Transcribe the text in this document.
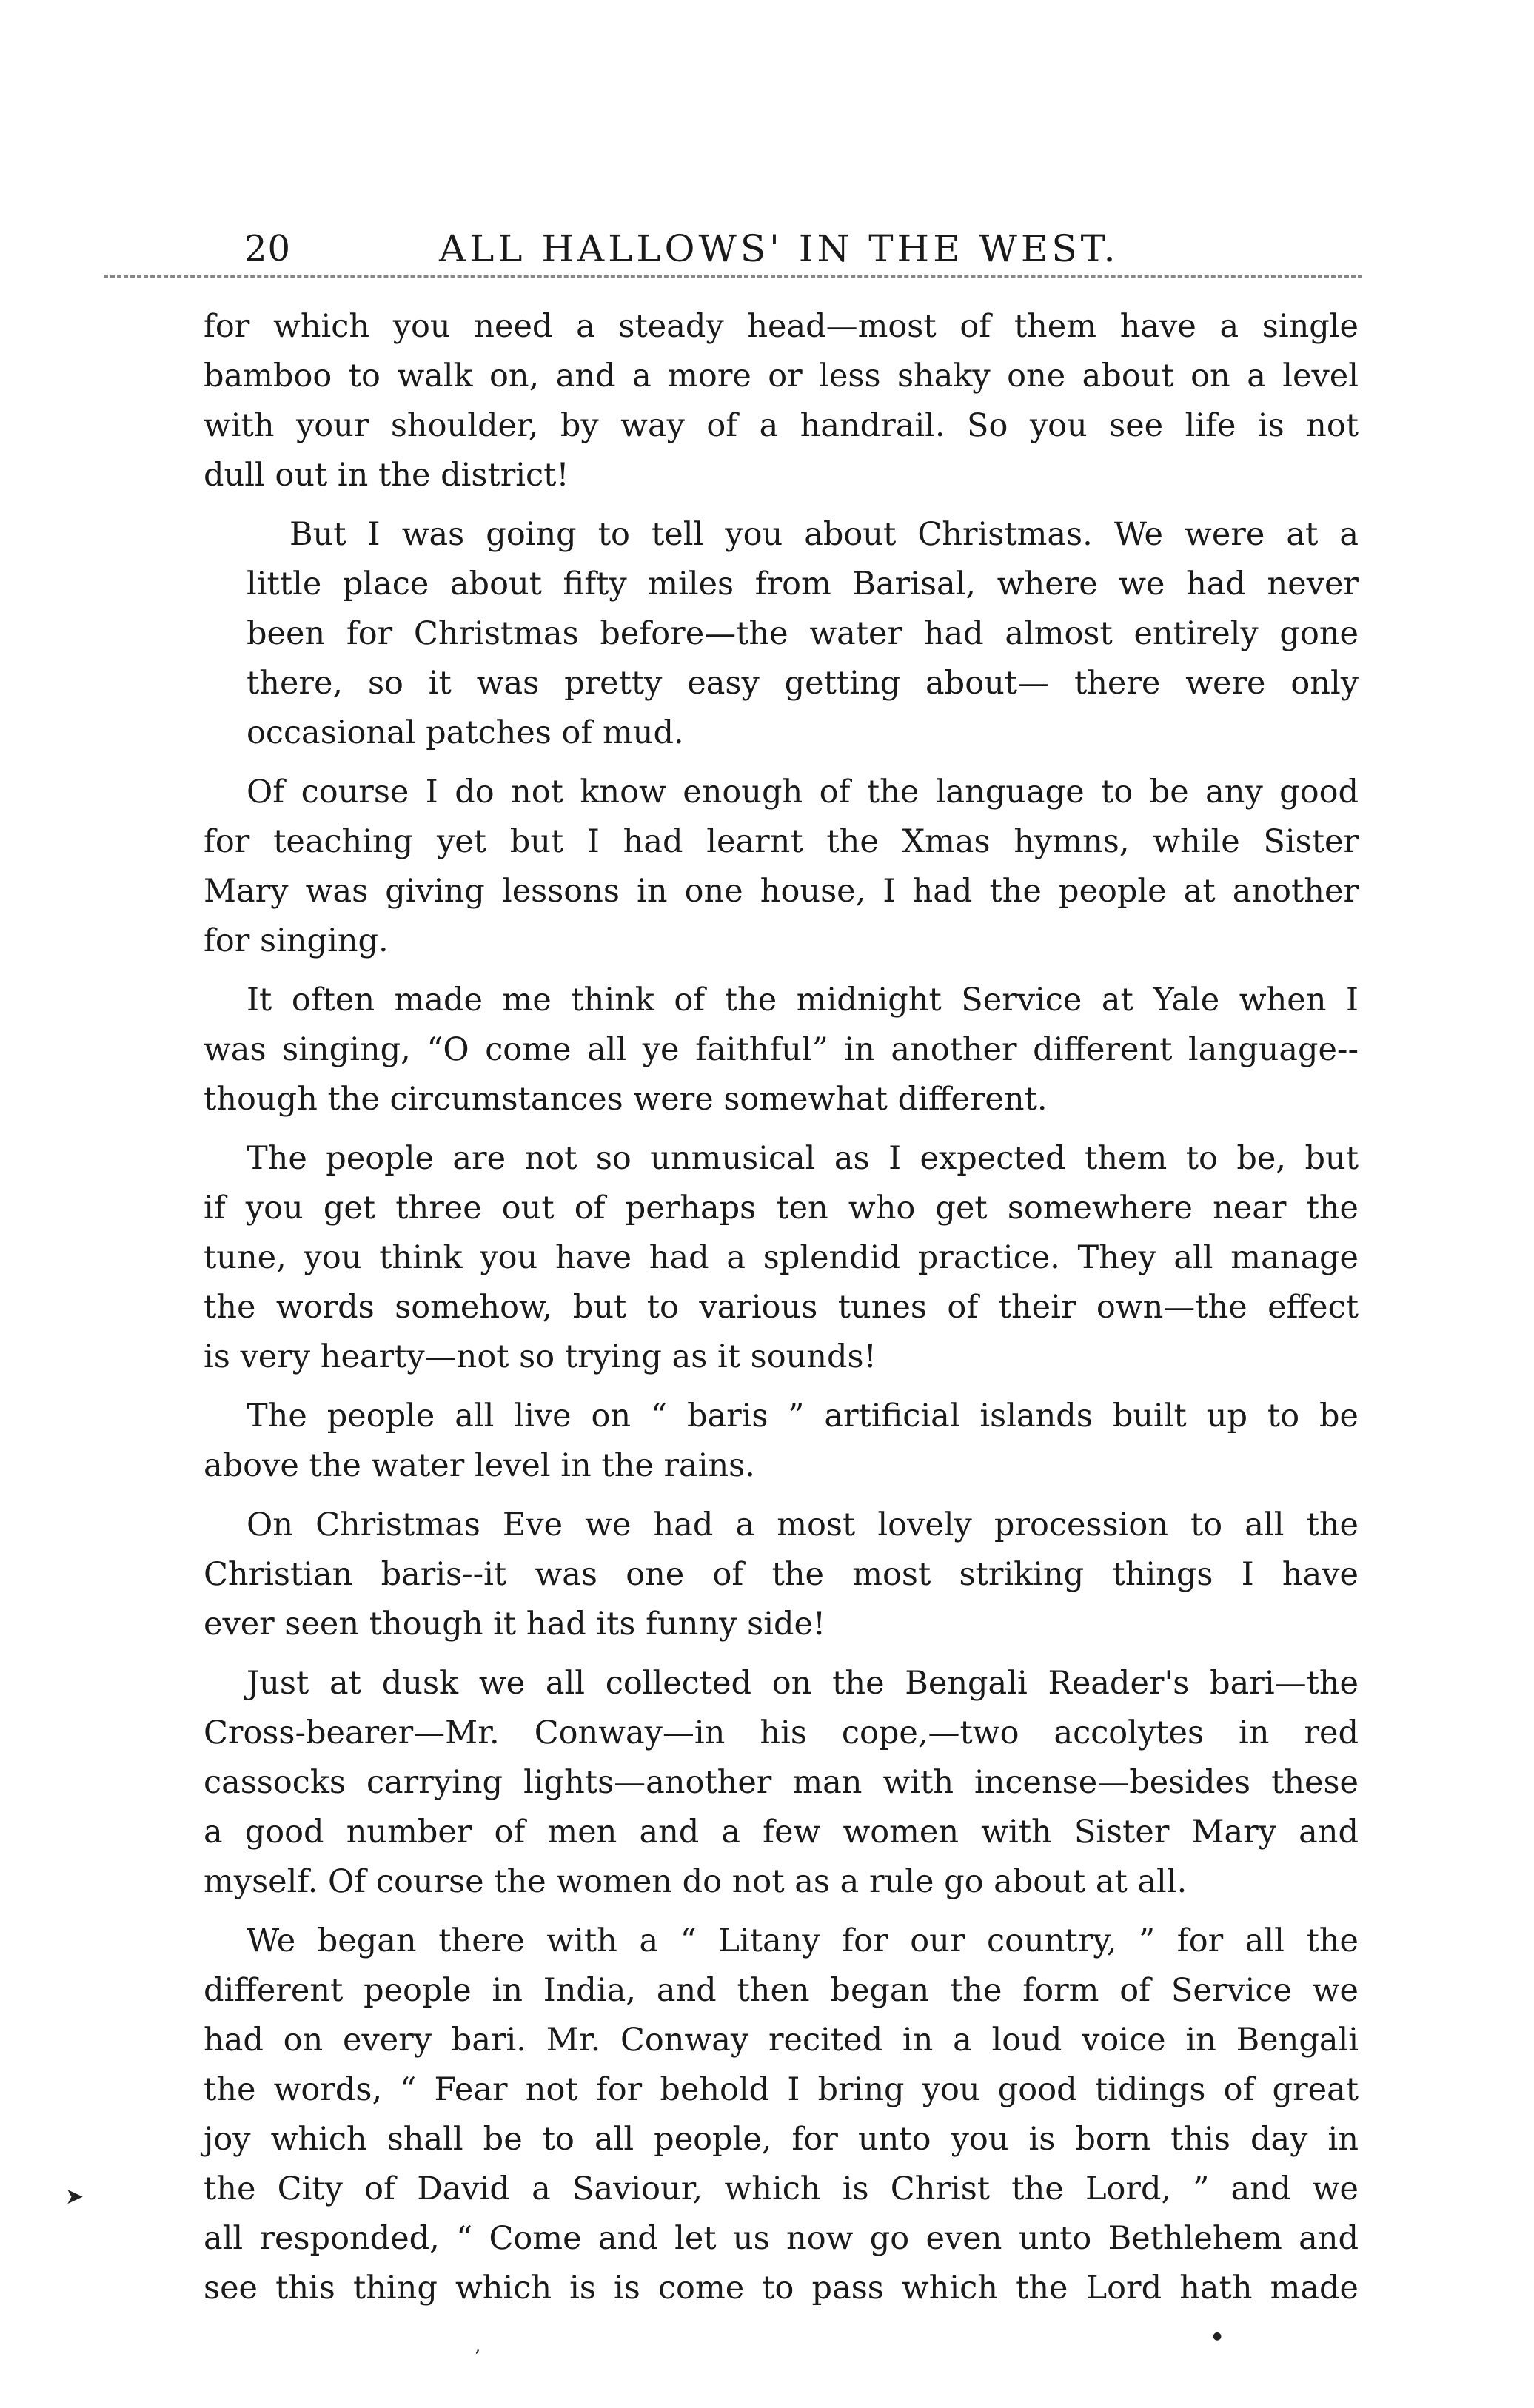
20	ALL HALLOWS' IN THE WEST.
for which you need a steady head—most of them have a single
bamboo to walk on, and a more or less shaky one about on a level
with your shoulder, by way of a handrail. So you see life is not
dull out in the district!
But I was going to tell you about Christmas. We were at a
little place about fifty miles from Barisal, where we had never
been for Christmas before—the water had almost entirely gone
there, so it was pretty easy getting about— there were only
occasional patches of mud.
Of course I do not know enough of the language to be any good
for teaching yet but I had learnt the Xmas hymns, while Sister
Mary was giving lessons in one house, I had the people at another
for singing.
It often made me think of the midnight Service at Yale when I
was singing, “O come all ye faithful” in another different language--
though the circumstances were somewhat different.
The people are not so unmusical as I expected them to be, but
if you get three out of perhaps ten who get somewhere near the
tune, you think you have had a splendid practice. They all manage
the words somehow, but to various tunes of their own—the effect
is very hearty—not so trying as it sounds!
The people all live on “ baris ” artificial islands built up to be
above the water level in the rains.
On Christmas Eve we had a most lovely procession to all the
Christian baris--it was one of the most striking things I have
ever seen though it had its funny side!
Just at dusk we all collected on the Bengali Reader's bari—the
Cross-bearer—Mr. Conway—in his cope,—two accolytes in red
cassocks carrying lights—another man with incense—besides these
a good number of men and a few women with Sister Mary and
myself. Of course the women do not as a rule go about at all.
We began there with a “ Litany for our country, ” for all the
different people in India, and then began the form of Service we
had on every bari. Mr. Conway recited in a loud voice in Bengali
the words, “ Fear not for behold I bring you good tidings of great
joy which shall be to all people, for unto you is born this day in
the City of David a Saviour, which is Christ the Lord, ” and we
all responded, “ Come and let us now go even unto Bethlehem and
see this thing which is is come to pass which the Lord hath made
➤
ʼ
●
